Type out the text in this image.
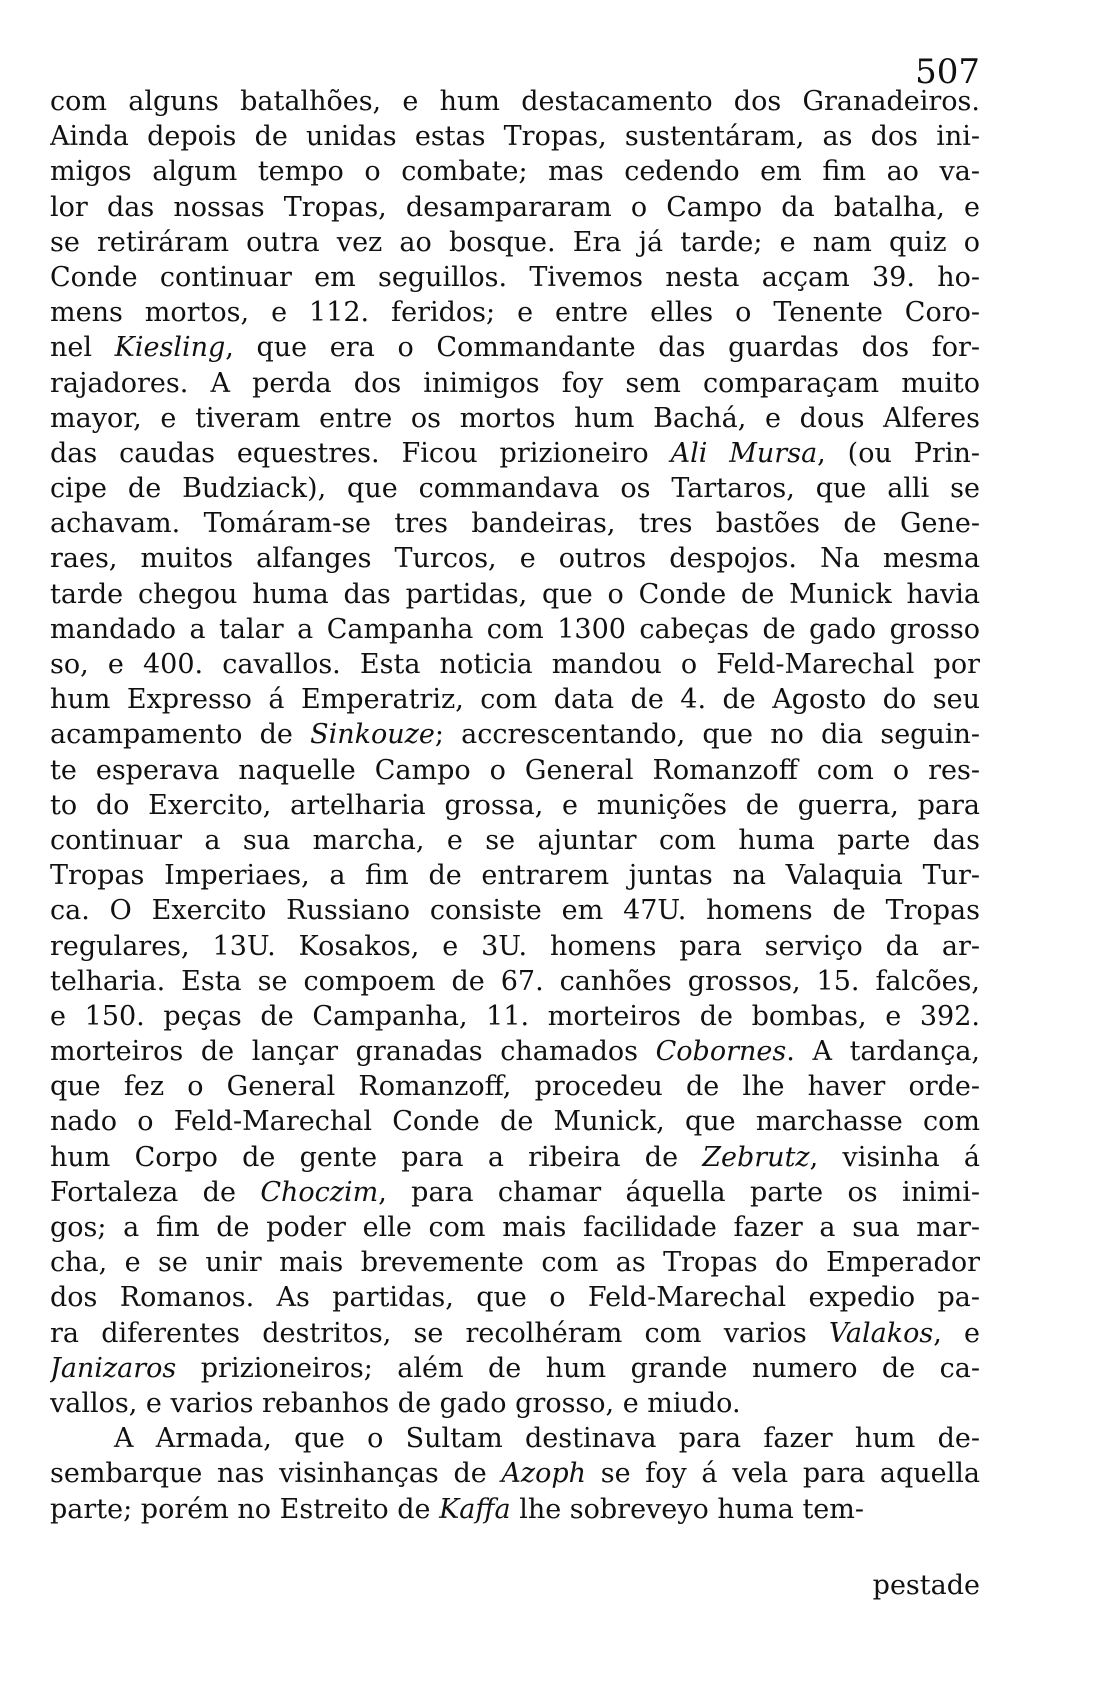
507
com alguns batalhões, e hum destacamento dos Granadeiros.
Ainda depois de unidas estas Tropas, sustentáram, as dos ini-
migos algum tempo o combate; mas cedendo em fim ao va-
lor das nossas Tropas, desampararam o Campo da batalha, e
se retiráram outra vez ao bosque. Era já tarde; e nam quiz o
Conde continuar em seguillos. Tivemos nesta acçam 39. ho-
mens mortos, e 112. feridos; e entre elles o Tenente Coro-
nel Kiesling, que era o Commandante das guardas dos for-
rajadores. A perda dos inimigos foy sem comparaçam muito
mayor, e tiveram entre os mortos hum Bachá, e dous Alferes
das caudas equestres. Ficou prizioneiro Ali Mursa, (ou Prin-
cipe de Budziack), que commandava os Tartaros, que alli se
achavam. Tomáram-se tres bandeiras, tres bastões de Gene-
raes, muitos alfanges Turcos, e outros despojos. Na mesma
tarde chegou huma das partidas, que o Conde de Munick havia
mandado a talar a Campanha com 1300 cabeças de gado grosso
so, e 400. cavallos. Esta noticia mandou o Feld-Marechal por
hum Expresso á Emperatriz, com data de 4. de Agosto do seu
acampamento de Sinkouze; accrescentando, que no dia seguin-
te esperava naquelle Campo o General Romanzoff com o res-
to do Exercito, artelharia grossa, e munições de guerra, para
continuar a sua marcha, e se ajuntar com huma parte das
Tropas Imperiaes, a fim de entrarem juntas na Valaquia Tur-
ca. O Exercito Russiano consiste em 47U. homens de Tropas
regulares, 13U. Kosakos, e 3U. homens para serviço da ar-
telharia. Esta se compoem de 67. canhões grossos, 15. falcões,
e 150. peças de Campanha, 11. morteiros de bombas, e 392.
morteiros de lançar granadas chamados Cobornes. A tardança,
que fez o General Romanzoff, procedeu de lhe haver orde-
nado o Feld-Marechal Conde de Munick, que marchasse com
hum Corpo de gente para a ribeira de Zebrutz, visinha á
Fortaleza de Choczim, para chamar áquella parte os inimi-
gos; a fim de poder elle com mais facilidade fazer a sua mar-
cha, e se unir mais brevemente com as Tropas do Emperador
dos Romanos. As partidas, que o Feld-Marechal expedio pa-
ra diferentes destritos, se recolhéram com varios Valakos, e
Janizaros prizioneiros; além de hum grande numero de ca-
vallos, e varios rebanhos de gado grosso, e miudo.
A Armada, que o Sultam destinava para fazer hum de-
sembarque nas visinhanças de Azoph se foy á vela para aquella
parte; porém no Estreito de Kaffa lhe sobreveyo huma tem-
pestade
